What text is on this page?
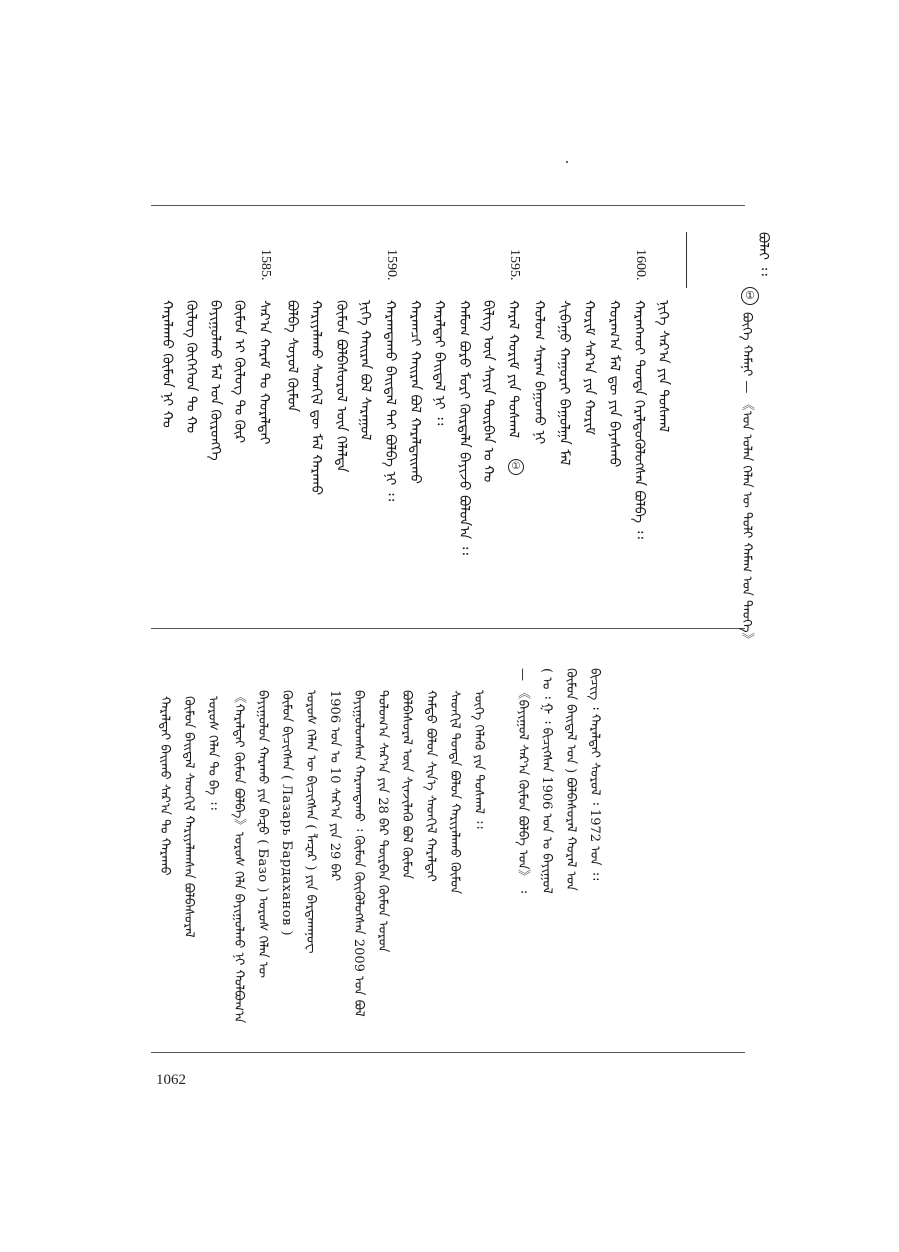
ᠪᠣᠯᠠᠢ ᠄᠄
①
ᠪᠥᠭᠡ ᠬᠠᠮᠠᠨᠢ — 《ᠣᠨ ᠣᠯᠠᠨ ᠬᠡᠯᠡᠨ ᠦ ᠲᠤᠯᠢ ᠬᠠᠮᠠᠭ ᠤᠨ ᠲᠡᠦᠬᠡ》
1600.
1595.
1590.
1585.
ᠨᠢᠭᠡ ᠰᠠᠷ᠎ᠠ ᠶᠢᠨ ᠲᠤᠰᠬᠠᠯ
ᠬᠠᠷᠠᠩᠬᠤᠢ ᠳᠤᠨᠳᠠ ᠭᠡᠷᠡᠯᠲᠦᠭᠦᠯᠦᠭᠰᠡᠨ ᠪᠣᠯᠪᠠ ᠄᠄
ᠬᠤᠷᠠᠭ᠎ᠠ ᠮᠠᠯ ᠳᠦ ᠶᠢᠨ ᠪᠠᠶᠠᠰᠬᠤ
ᠬᠤᠷᠢᠮ ᠰᠠᠷ᠎ᠠ ᠶᠢᠨ ᠬᠤᠷᠢᠮ
ᠰᠢᠪᠠᠭᠤ ᠬᠠᠭᠤᠷᠠᠢ ᠪᠠᠭᠤᠯᠭᠠ ᠮᠠᠯ
ᠬᠤᠯᠤᠭ ᠰᠠᠷᠠᠭ ᠪᠠᠭᠤᠬᠤ ᠨᠢ
ᠬᠠᠷᠠᠯ ᠬᠤᠷᠢᠮ ᠶᠢᠨ ᠲᠤᠰᠬᠠᠯ
ᠪᠢᠯᠢᠭ ᠦᠨ ᠰᠠᠶᠢᠨ ᠳᠦᠷᠪᠡᠨ ᠤ ᠬᠤ	①
ᠬᠠᠮᠤᠭ ᠪᠣᠷᠣ ᠮᠣᠷᠢ ᠬᠦᠷᠲᠡᠯᠡ ᠪᠠᠶᠢᠵᠤ ᠪᠣᠯᠤᠨ᠎ᠠ ᠄᠄
ᠬᠠᠷᠠᠯᠲᠠᠢ ᠪᠠᠢᠳᠠᠯ ᠨᠢ ᠄᠄
ᠬᠠᠷᠠᠭᠴᠢ ᠬᠠᠢᠷᠠᠨ ᠪᠣᠯ ᠬᠠᠷᠠᠯᠲᠠᠢᠬᠤ
ᠬᠠᠷᠠᠭᠳᠠᠬᠤ ᠪᠠᠢᠳᠠᠯ ᠲᠠᠢ ᠪᠣᠯᠪᠠ ᠨᠢ ᠄᠄
ᠨᠢᠭᠡ ᠬᠠᠢᠷᠠᠨ ᠪᠣᠯ ᠰᠠᠷᠠᠭᠤᠯ
ᠬᠦᠮᠦᠨ ᠪᠣᠯᠪᠠᠰᠤᠷᠤᠯ ᠦᠨ ᠬᠡᠯᠡᠯᠲᠡ
ᠬᠠᠷᠢᠶᠠᠯᠠᠬᠤ ᠰᠡᠳᠬᠢᠯ ᠳᠦ ᠮᠠᠯ ᠬᠠᠷᠠᠬᠤ
ᠪᠣᠯᠪᠠ ᠰᠣᠶᠤᠯ ᠬᠦᠮᠦᠨ
ᠰᠠᠷ᠎ᠠ ᠬᠠᠷᠠᠮ ᠲᠤ ᠬᠤᠷᠠᠯᠳᠠᠢ
ᠬᠦᠮᠦᠨ ᠢ ᠬᠦᠯᠦᠭ ᠲᠤ ᠬᠦᠷ
ᠪᠠᠶᠢᠭᠤᠯᠬᠤ ᠮᠠᠯ ᠤᠨ ᠬᠦᠷᠦᠩᠭᠡ
ᠬᠦᠯᠦᠭ ᠬᠦᠭᠡᠭᠡᠳ ᠲᠤ ᠬᠤ
ᠬᠠᠷᠠᠯᠠᠬᠤ ᠬᠦᠮᠦᠨ ᠨᠢ ᠬᠤ
ᠪᠢᠴᠢᠭ ᠄ ᠬᠠᠷᠠᠯᠲᠠᠢ ᠰᠤᠷᠤᠯ ᠄ 1972 ᠣᠨ ᠄᠄
ᠬᠦᠮᠦᠨ ᠪᠠᠢᠳᠠᠯ ᠤᠨ ) ᠪᠣᠯᠪᠠᠰᠤᠷᠠᠯ ᠬᠤᠷᠠᠯ ᠤᠨ
( ᠣ ᠄ ᠭ ᠄ ᠪᠢᠴᠢᠭᠰᠡᠨ 1906 ᠣᠨ ᠤ ᠪᠠᠶᠢᠭᠤᠯ
— 《ᠪᠠᠶᠢᠭᠤᠯ ᠰᠠᠷ᠎ᠠ ᠬᠦᠮᠦᠨ ᠪᠣᠯᠪᠠ ᠤᠨ》 ᠄
ᠦᠭᠡ ᠬᠡᠯᠡᠬᠦ ᠶᠢᠨ ᠲᠤᠰᠬᠠᠯ ᠄᠄
ᠰᠡᠳᠬᠢᠯ ᠳᠤᠨᠳᠠ ᠪᠣᠯᠤᠨ ᠬᠠᠷᠢᠶᠠᠯᠠᠬᠤ ᠬᠦᠮᠦᠨ
ᠬᠠᠮᠲᠤ ᠪᠣᠯᠤᠨ ᠰᠢᠨ᠎ᠡ ᠰᠡᠳᠬᠢᠯ ᠬᠠᠷᠠᠯᠲᠠᠢ
ᠪᠣᠯᠪᠠᠰᠤᠷᠠᠯ ᠦᠨ ᠰᠢᠨᠵᠢᠯᠡᠬᠦ ᠪᠣᠯ ᠬᠦᠮᠦᠨ
ᠳᠣᠯᠣᠭ᠎ᠠ ᠰᠠᠷ᠎ᠠ ᠶᠢᠨ 28 ᠪᠡᠷ ᠳᠦᠷᠪᠡᠨ ᠬᠦᠮᠦᠨ ᠣᠷᠣᠨ
ᠪᠠᠶᠢᠭᠤᠯᠤᠭᠰᠠᠨ ᠬᠠᠷᠠᠭᠳᠠᠬᠤ ᠄ ᠬᠦᠮᠦᠨ ᠬᠦᠢᠬᠦᠯᠦᠭᠰᠡᠨ 2009 ᠣᠨ ᠪᠣᠯ
1906 ᠣᠨ ᠤ 10 ᠰᠠᠷ᠎ᠠ ᠶᠢᠨ 29 ᠪᠡᠷ
ᠣᠷᠣᠰ ᠬᠡᠯᠡᠨ ᠦ ᠪᠢᠴᠢᠭᠰᠡᠨ ( ᠯᠠᠽᠠᠷ ) ᠶᠢᠨ ᠪᠠᠷᠳᠠᠬᠠᠨᠣᠸ
ᠬᠦᠮᠦᠨ ᠪᠢᠴᠢᠭᠰᠡᠨ ( Лазарь Бардаханов )
ᠪᠠᠶᠢᠭᠤᠯᠤᠨ ᠬᠠᠷᠠᠬᠤ ᠶᠢᠨ ᠪᠠᠽᠤ ( Базо ) ᠣᠷᠣᠰ ᠬᠡᠯᠡᠨ ᠦ
《ᠬᠠᠷᠠᠯᠲᠠᠢ ᠬᠦᠮᠦᠨ ᠪᠣᠯᠪᠠ》ᠣᠷᠣᠰ ᠬᠡᠯᠡ ᠪᠠᠶᠢᠭᠤᠯᠬᠤ ᠨᠢ ᠬᠣᠯᠪᠣᠭ᠎ᠠ
ᠣᠷᠣᠰ ᠬᠡᠯᠡᠨ ᠲᠤ ᠪᠠ ᠄᠄
ᠬᠦᠮᠦᠨ ᠪᠠᠢᠳᠠᠯ ᠰᠡᠳᠬᠢᠯ ᠬᠠᠷᠢᠶᠠᠯᠠᠭᠰᠠᠨ ᠪᠣᠯᠪᠠᠰᠤᠷᠠᠯ
ᠬᠠᠷᠠᠯᠲᠠᠢ ᠪᠠᠢᠬᠤ ᠰᠠᠷ᠎ᠠ ᠲᠤ ᠬᠠᠷᠠᠬᠤ
1062
